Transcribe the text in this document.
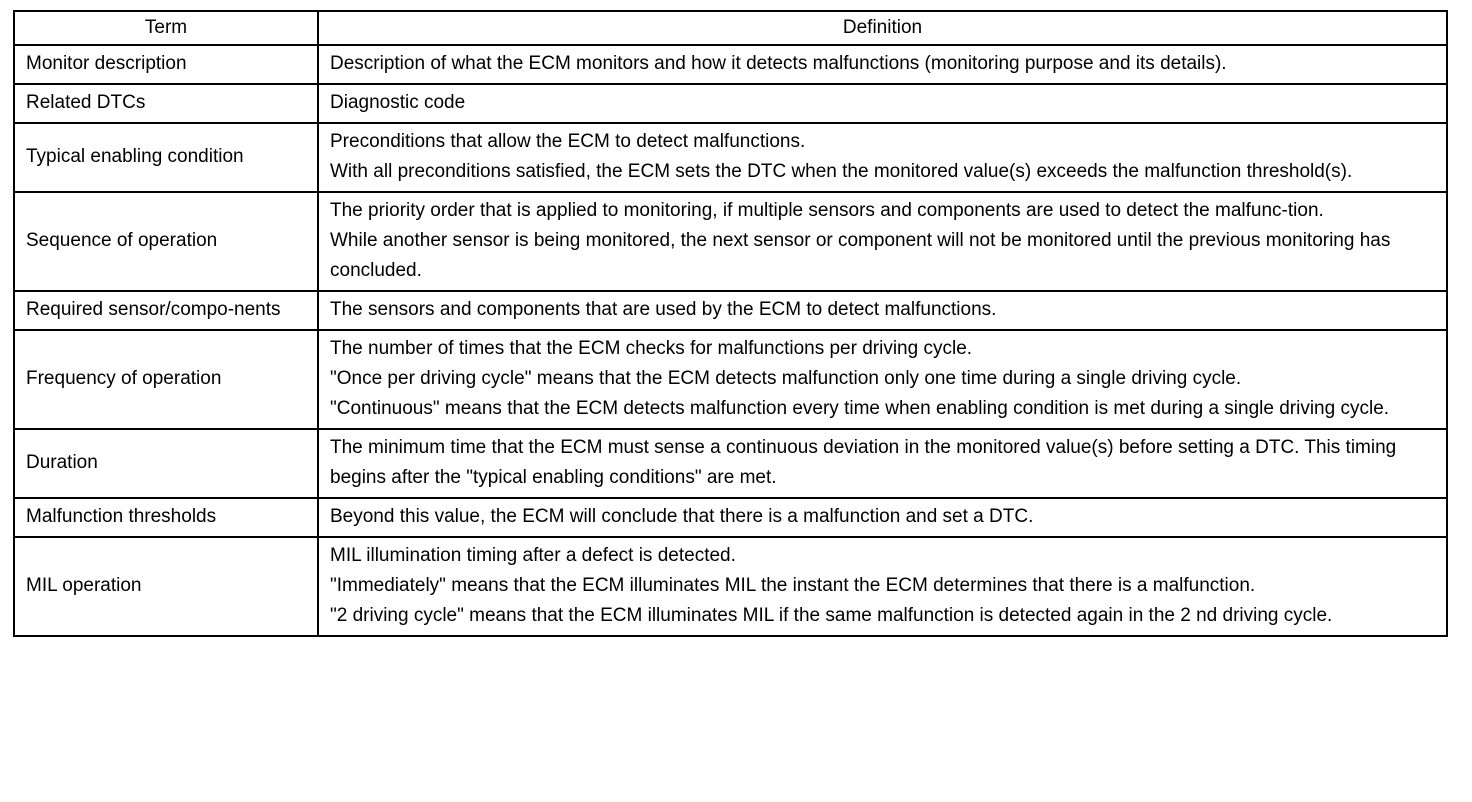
Term	Definition
Monitor description	Description of what the ECM monitors and how it detects malfunctions (monitoring purpose and its details).

Related DTCs	Diagnostic code

Typical enabling condition	Preconditions that allow the ECM to detect malfunctions.
With all preconditions satisfied, the ECM sets the DTC when the monitored value(s) exceeds the malfunction threshold(s).

Sequence of operation	The priority order that is applied to monitoring, if multiple sensors and components are used to detect the malfunc-tion.
While another sensor is being monitored, the next sensor or component will not be monitored until the previous monitoring has concluded.

Required sensor/compo-nents	The sensors and components that are used by the ECM to detect malfunctions.

Frequency of operation	The number of times that the ECM checks for malfunctions per driving cycle.
"Once per driving cycle" means that the ECM detects malfunction only one time during a single driving cycle.
"Continuous" means that the ECM detects malfunction every time when enabling condition is met during a single driving cycle.

Duration	The minimum time that the ECM must sense a continuous deviation in the monitored value(s) before setting a DTC. This timing begins after the "typical enabling conditions" are met.

Malfunction thresholds	Beyond this value, the ECM will conclude that there is a malfunction and set a DTC.

MIL operation	MIL illumination timing after a defect is detected.
"Immediately" means that the ECM illuminates MIL the instant the ECM determines that there is a malfunction.
"2 driving cycle" means that the ECM illuminates MIL if the same malfunction is detected again in the 2 nd driving cycle.
